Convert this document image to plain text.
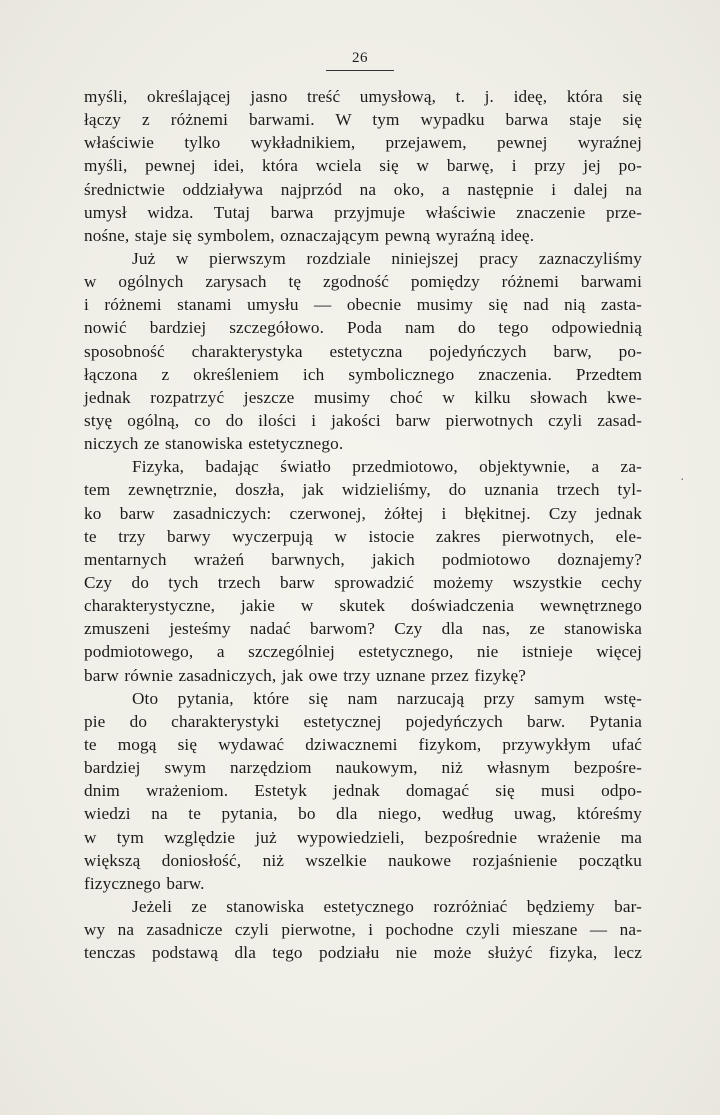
26
myśli, określającej jasno treść umysłową, t. j. ideę, która się
łączy z różnemi barwami. W tym wypadku barwa staje się
właściwie tylko wykładnikiem, przejawem, pewnej wyraźnej
myśli, pewnej idei, która wciela się w barwę, i przy jej po-
średnictwie oddziaływa najprzód na oko, a następnie i dalej na
umysł widza. Tutaj barwa przyjmuje właściwie znaczenie prze-
nośne, staje się symbolem, oznaczającym pewną wyraźną ideę.
Już w pierwszym rozdziale niniejszej pracy zaznaczyliśmy
w ogólnych zarysach tę zgodność pomiędzy różnemi barwami
i różnemi stanami umysłu — obecnie musimy się nad nią zasta-
nowić bardziej szczegółowo. Poda nam do tego odpowiednią
sposobność charakterystyka estetyczna pojedyńczych barw, po-
łączona z określeniem ich symbolicznego znaczenia. Przedtem
jednak rozpatrzyć jeszcze musimy choć w kilku słowach kwe-
styę ogólną, co do ilości i jakości barw pierwotnych czyli zasad-
niczych ze stanowiska estetycznego.
Fizyka, badając światło przedmiotowo, objektywnie, a za-
tem zewnętrznie, doszła, jak widzieliśmy, do uznania trzech tyl-
ko barw zasadniczych: czerwonej, żółtej i błękitnej. Czy jednak
te trzy barwy wyczerpują w istocie zakres pierwotnych, ele-
mentarnych wrażeń barwnych, jakich podmiotowo doznajemy?
Czy do tych trzech barw sprowadzić możemy wszystkie cechy
charakterystyczne, jakie w skutek doświadczenia wewnętrznego
zmuszeni jesteśmy nadać barwom? Czy dla nas, ze stanowiska
podmiotowego, a szczególniej estetycznego, nie istnieje więcej
barw równie zasadniczych, jak owe trzy uznane przez fizykę?
Oto pytania, które się nam narzucają przy samym wstę-
pie do charakterystyki estetycznej pojedyńczych barw. Pytania
te mogą się wydawać dziwacznemi fizykom, przywykłym ufać
bardziej swym narzędziom naukowym, niż własnym bezpośre-
dnim wrażeniom. Estetyk jednak domagać się musi odpo-
wiedzi na te pytania, bo dla niego, według uwag, któreśmy
w tym względzie już wypowiedzieli, bezpośrednie wrażenie ma
większą doniosłość, niż wszelkie naukowe rozjaśnienie początku
fizycznego barw.
Jeżeli ze stanowiska estetycznego rozróżniać będziemy bar-
wy na zasadnicze czyli pierwotne, i pochodne czyli mieszane — na-
tenczas podstawą dla tego podziału nie może służyć fizyka, lecz
⸱
